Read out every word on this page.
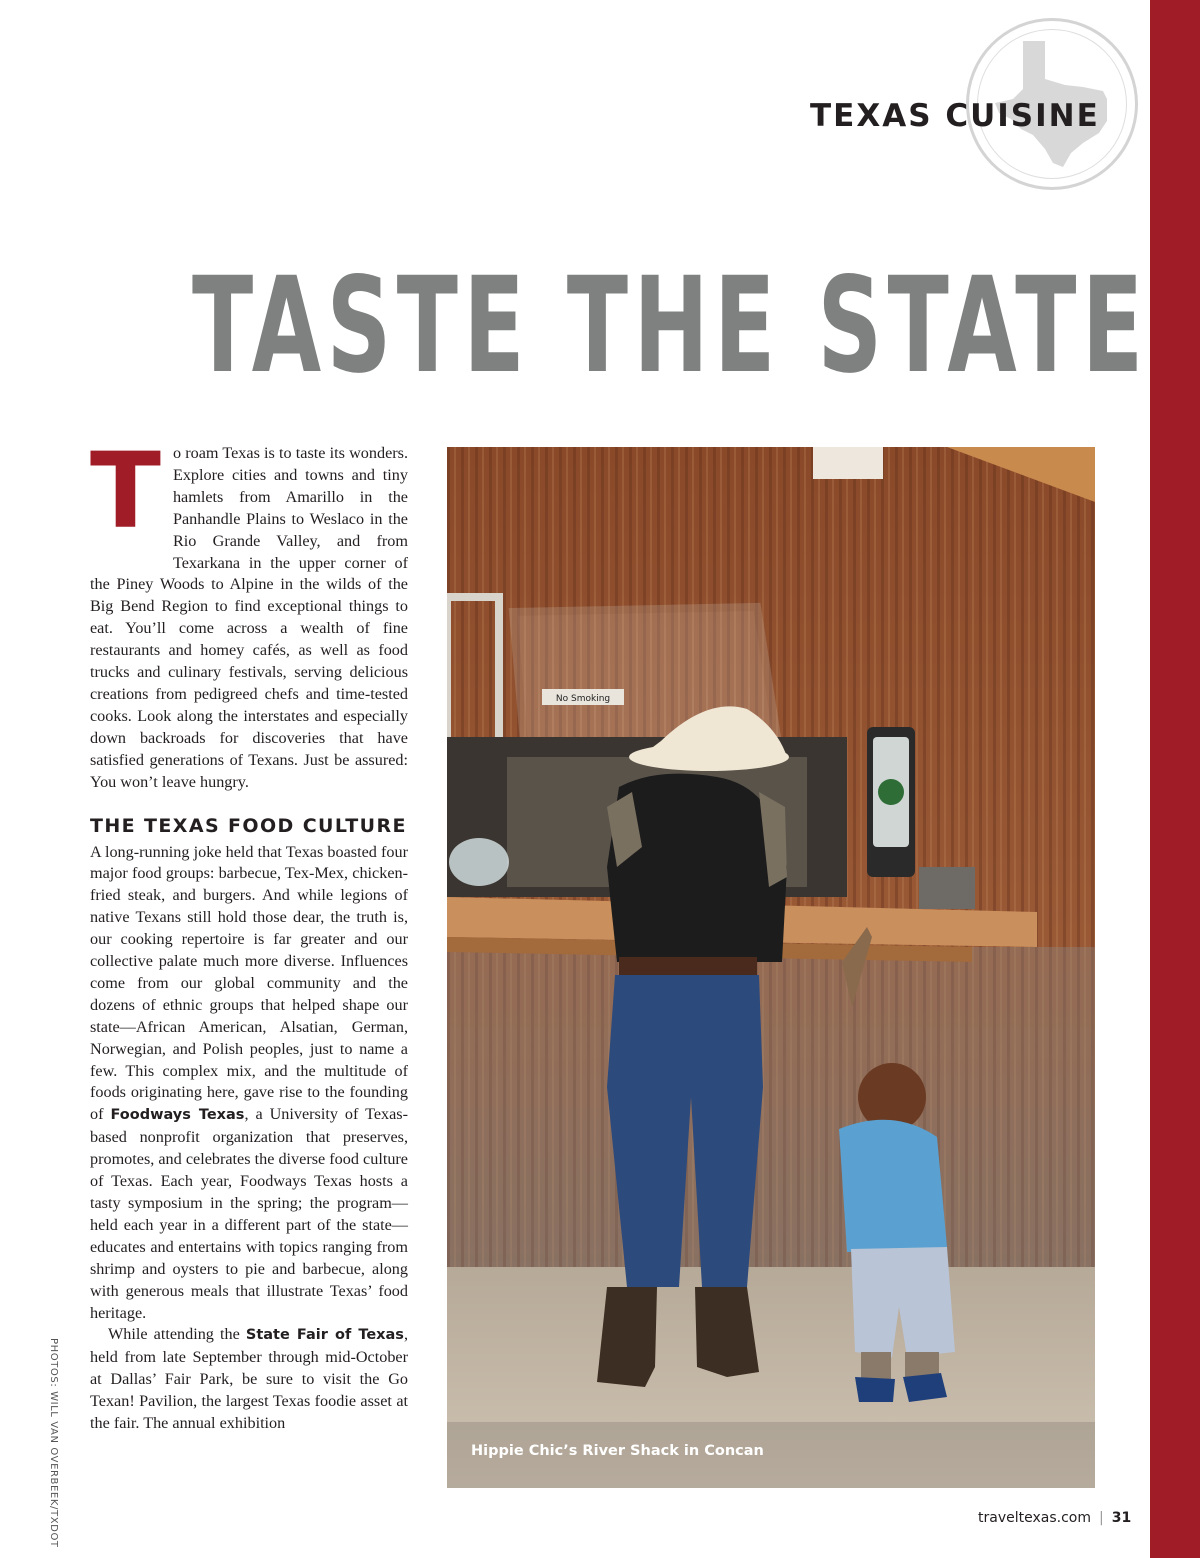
TEXAS CUISINE
TASTE THE STATE

To roam Texas is to taste its wonders. Explore cities and towns and tiny hamlets from Amarillo in the Panhandle Plains to Weslaco in the Rio Grande Valley, and from Texarkana in the upper corner of the Piney Woods to Alpine in the wilds of the Big Bend Region to find exceptional things to eat. You’ll come across a wealth of fine restaurants and homey cafés, as well as food trucks and culinary festivals, serving delicious creations from pedigreed chefs and time-tested cooks. Look along the interstates and especially down backroads for discoveries that have satisfied generations of Texans. Just be assured: You won’t leave hungry.

THE TEXAS FOOD CULTURE

A long-running joke held that Texas boasted four major food groups: barbecue, Tex-Mex, chicken-fried steak, and burgers. And while legions of native Texans still hold those dear, the truth is, our cooking repertoire is far greater and our collective palate much more diverse. Influences come from our global community and the dozens of ethnic groups that helped shape our state—African American, Alsatian, German, Norwegian, and Polish peoples, just to name a few. This complex mix, and the multitude of foods originating here, gave rise to the founding of Foodways Texas, a University of Texas-based nonprofit organization that preserves, promotes, and celebrates the diverse food culture of Texas. Each year, Foodways Texas hosts a tasty symposium in the spring; the program—held each year in a different part of the state—educates and entertains with topics ranging from shrimp and oysters to pie and barbecue, along with generous meals that illustrate Texas’ food heritage.

While attending the State Fair of Texas, held from late September through mid-October at Dallas’ Fair Park, be sure to visit the Go Texan! Pavilion, the largest Texas foodie asset at the fair. The annual exhibition

PHOTOS: WILL VAN OVERBEEK/TXDOT
No Smoking
Hippie Chic’s River Shack in Concan
traveltexas.com | 31
